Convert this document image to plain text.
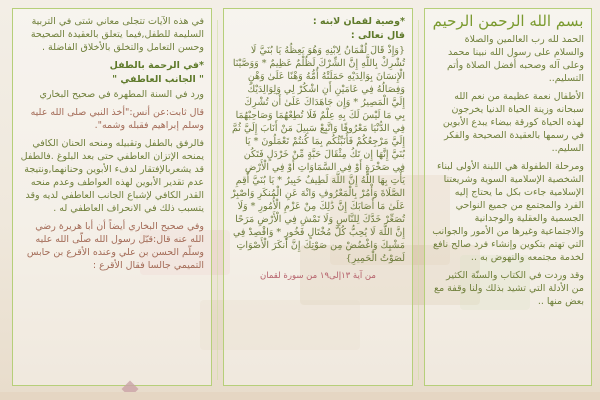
بسم الله الرحمن الرحيم

الحمد لله رب العالمين والصلاة والسلام على رسول الله نبينا محمد وعلى آله وصحبه أفضل الصلاة وأتم التسليم..

الأطفال نعمة عظيمة من نعم الله سبحانه وزينة الحياة الدنيا يخرجون لهذه الحياة كورقة بيضاء يبدع الأبوين في رسمها بالعقيدة الصحيحة والفكر السليم..

ومرحلة الطفولة هي اللبنة الأولى لبناء الشخصية الإسلامية السوية وشريعتنا الإسلامية جاءت بكل ما يحتاج إليه الفرد والمجتمع من جميع النواحي الجسمية والعقلية والوجدانية والاجتماعية وغيرها من الأمور والجوانب التي تهتم بتكوين وإنشاء فرد صالح نافع لخدمة مجتمعه والنهوض به ..

وقد وردت في الكتاب والسنّة الكثير من الأدلة التي تشيد بذلك ولنا وقفة مع بعض منها ..

*وصية لقمان لابنه :

قال تعالى :

{وَإِذْ قَالَ لُقْمَانُ لِابْنِهِ وَهُوَ يَعِظُهُ يَا بُنَيَّ لَا تُشْرِكْ بِاللَّهِ إِنَّ الشِّرْكَ لَظُلْمٌ عَظِيمٌ * وَوَصَّيْنَا الْإِنسَانَ بِوَالِدَيْهِ حَمَلَتْهُ أُمُّهُ وَهْنًا عَلَىٰ وَهْنٍ وَفِصَالُهُ فِي عَامَيْنِ أَنِ اشْكُرْ لِي وَلِوَالِدَيْكَ إِلَيَّ الْمَصِيرُ * وَإِن جَاهَدَاكَ عَلَىٰ أَن تُشْرِكَ بِي مَا لَيْسَ لَكَ بِهِ عِلْمٌ فَلَا تُطِعْهُمَا وَصَاحِبْهُمَا فِي الدُّنْيَا مَعْرُوفًا وَاتَّبِعْ سَبِيلَ مَنْ أَنَابَ إِلَيَّ ثُمَّ إِلَيَّ مَرْجِعُكُمْ فَأُنَبِّئُكُم بِمَا كُنتُمْ تَعْمَلُونَ * يَا بُنَيَّ إِنَّهَا إِن تَكُ مِثْقَالَ حَبَّةٍ مِّنْ خَرْدَلٍ فَتَكُن فِي صَخْرَةٍ أَوْ فِي السَّمَاوَاتِ أَوْ فِي الْأَرْضِ يَأْتِ بِهَا اللَّهُ إِنَّ اللَّهَ لَطِيفٌ خَبِيرٌ * يَا بُنَيَّ أَقِمِ الصَّلَاةَ وَأْمُرْ بِالْمَعْرُوفِ وَانْهَ عَنِ الْمُنكَرِ وَاصْبِرْ عَلَىٰ مَا أَصَابَكَ إِنَّ ذَٰلِكَ مِنْ عَزْمِ الْأُمُورِ * وَلَا تُصَعِّرْ خَدَّكَ لِلنَّاسِ وَلَا تَمْشِ فِي الْأَرْضِ مَرَحًا إِنَّ اللَّهَ لَا يُحِبُّ كُلَّ مُخْتَالٍ فَخُورٍ * وَاقْصِدْ فِي مَشْيِكَ وَاغْضُضْ مِن صَوْتِكَ إِنَّ أَنكَرَ الْأَصْوَاتِ لَصَوْتُ الْحَمِيرِ}

من آية ١٣إلى١٩ من سورة لقمان

في هذه الآيات تتجلى معاني شتى في التربية السليمة للطفل,فيما يتعلق بالعقيدة الصحيحة وحسن التعامل والتخلق بالأخلاق الفاضلة .

*في الرحمة بالطفل

" الجانب العاطفي "

ورد في السنة المطهرة في صحيح البخاري

قال ثابت:عن أنس:"أخذ النبي صلى الله عليه وسلم إبراهيم فقبله وشمه".

فالرفق بالطفل وتقبيله ومنحه الحنان الكافي يمنحه الإتزان العاطفي حتى بعد البلوغ .فالطفل قد يشعربالإفتقار لدفء الأبوين وحنانهما,ونتيجة عدم تقدير الأبوين لهذه العواطف وعدم منحه القدر الكافي لإشباع الجانب العاطفي لديه وقد يتسبب ذلك في الانحراف العاطفي له .

وفي صحيح البخاري أيضاً أن أبا هريرة رضي الله عنه قال:قبّل رسول الله صلّى الله عليه وسلّم الحسن بن علي وعنده الأقرع بن حابس التميمي جالسا فقال الأقرع :
